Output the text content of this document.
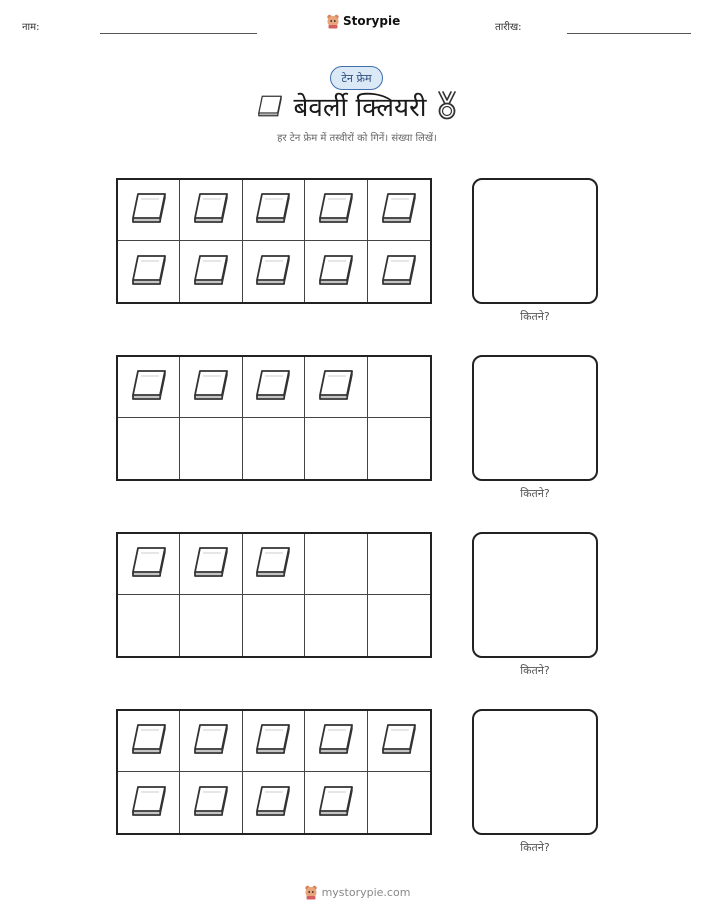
नाम:	Storypie	तारीख:
टेन फ्रेम
बेवर्ली क्लियरी
हर टेन फ्रेम में तस्वीरों को गिनें। संख्या लिखें।
कितने?
कितने?
कितने?
कितने?
mystorypie.com
